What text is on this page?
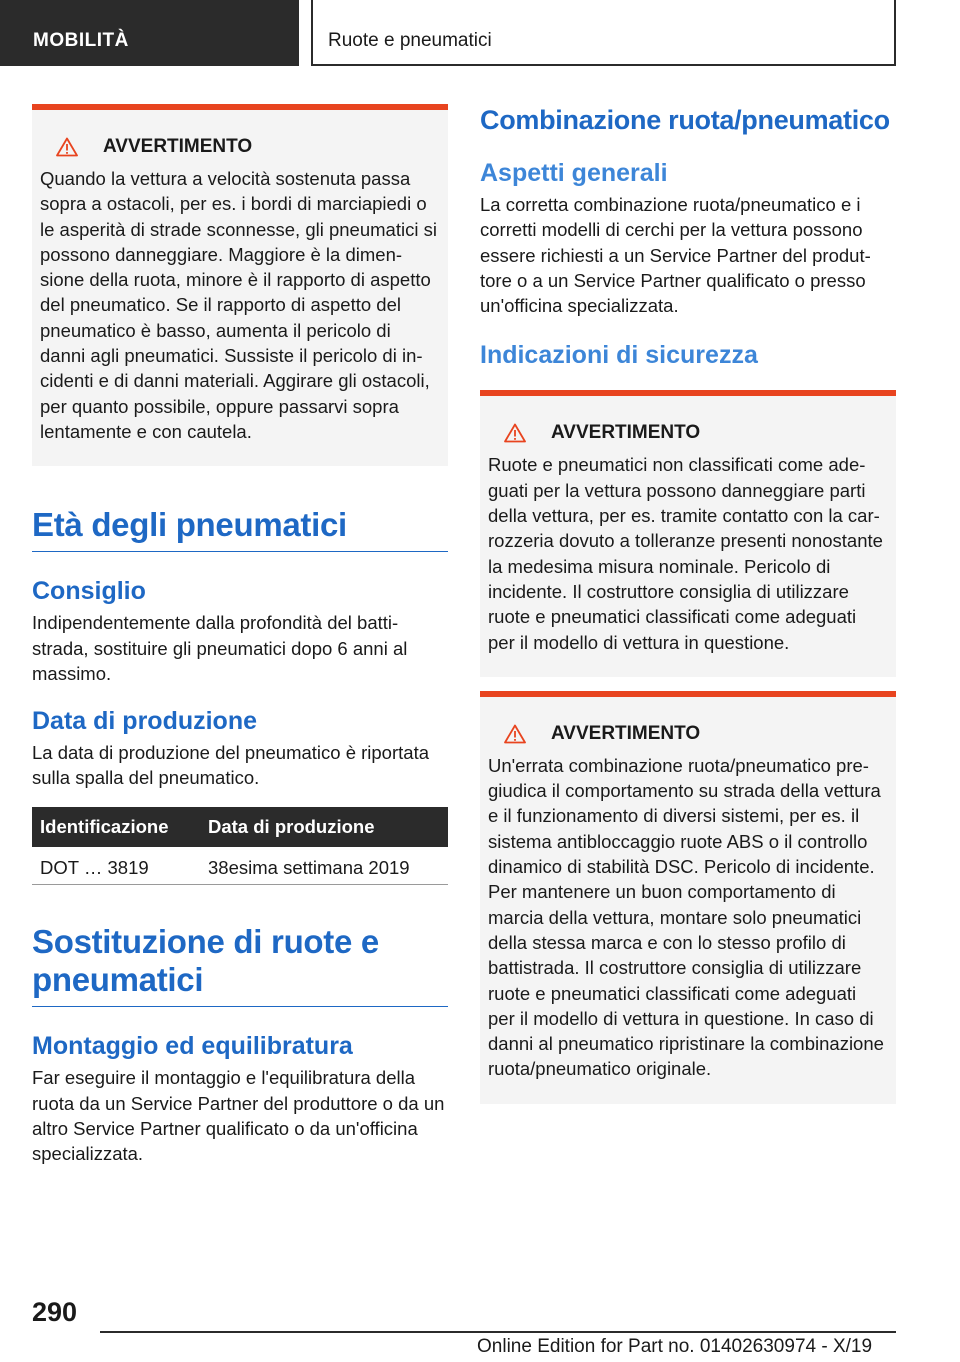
MOBILITÀ	Ruote e pneumatici
AVVERTIMENTO

Quando la vettura a velocità sostenuta passa sopra a ostacoli, per es. i bordi di marciapiedi o le asperità di strade sconnesse, gli pneumatici si possono danneggiare. Maggiore è la dimensione della ruota, minore è il rapporto di aspetto del pneumatico. Se il rapporto di aspetto del pneumatico è basso, aumenta il pericolo di danni agli pneumatici. Sussiste il pericolo di incidenti e di danni materiali. Aggirare gli ostacoli, per quanto possibile, oppure passarvi sopra lentamente e con cautela.

Età degli pneumatici
Consiglio

Indipendentemente dalla profondità del battistrada, sostituire gli pneumatici dopo 6 anni al massimo.

Data di produzione

La data di produzione del pneumatico è riportata sulla spalla del pneumatico.

Identificazione	Data di produzione
DOT … 3819	38esima settimana 2019
Sostituzione di ruote e pneumatici
Montaggio ed equilibratura

Far eseguire il montaggio e l'equilibratura della ruota da un Service Partner del produttore o da un altro Service Partner qualificato o da un'officina specializzata.

Combinazione ruota/pneumatico
Aspetti generali

La corretta combinazione ruota/pneumatico e i corretti modelli di cerchi per la vettura possono essere richiesti a un Service Partner del produttore o a un Service Partner qualificato o presso un'officina specializzata.

Indicazioni di sicurezza
AVVERTIMENTO

Ruote e pneumatici non classificati come adeguati per la vettura possono danneggiare parti della vettura, per es. tramite contatto con la carrozzeria dovuto a tolleranze presenti nonostante la medesima misura nominale. Pericolo di incidente. Il costruttore consiglia di utilizzare ruote e pneumatici classificati come adeguati per il modello di vettura in questione.

AVVERTIMENTO

Un'errata combinazione ruota/pneumatico pregiudica il comportamento su strada della vettura e il funzionamento di diversi sistemi, per es. il sistema antibloccaggio ruote ABS o il controllo dinamico di stabilità DSC. Pericolo di incidente. Per mantenere un buon comportamento di marcia della vettura, montare solo pneumatici della stessa marca e con lo stesso profilo di battistrada. Il costruttore consiglia di utilizzare ruote e pneumatici classificati come adeguati per il modello di vettura in questione. In caso di danni al pneumatico ripristinare la combinazione ruota/pneumatico originale.

290
Online Edition for Part no. 01402630974 - X/19
